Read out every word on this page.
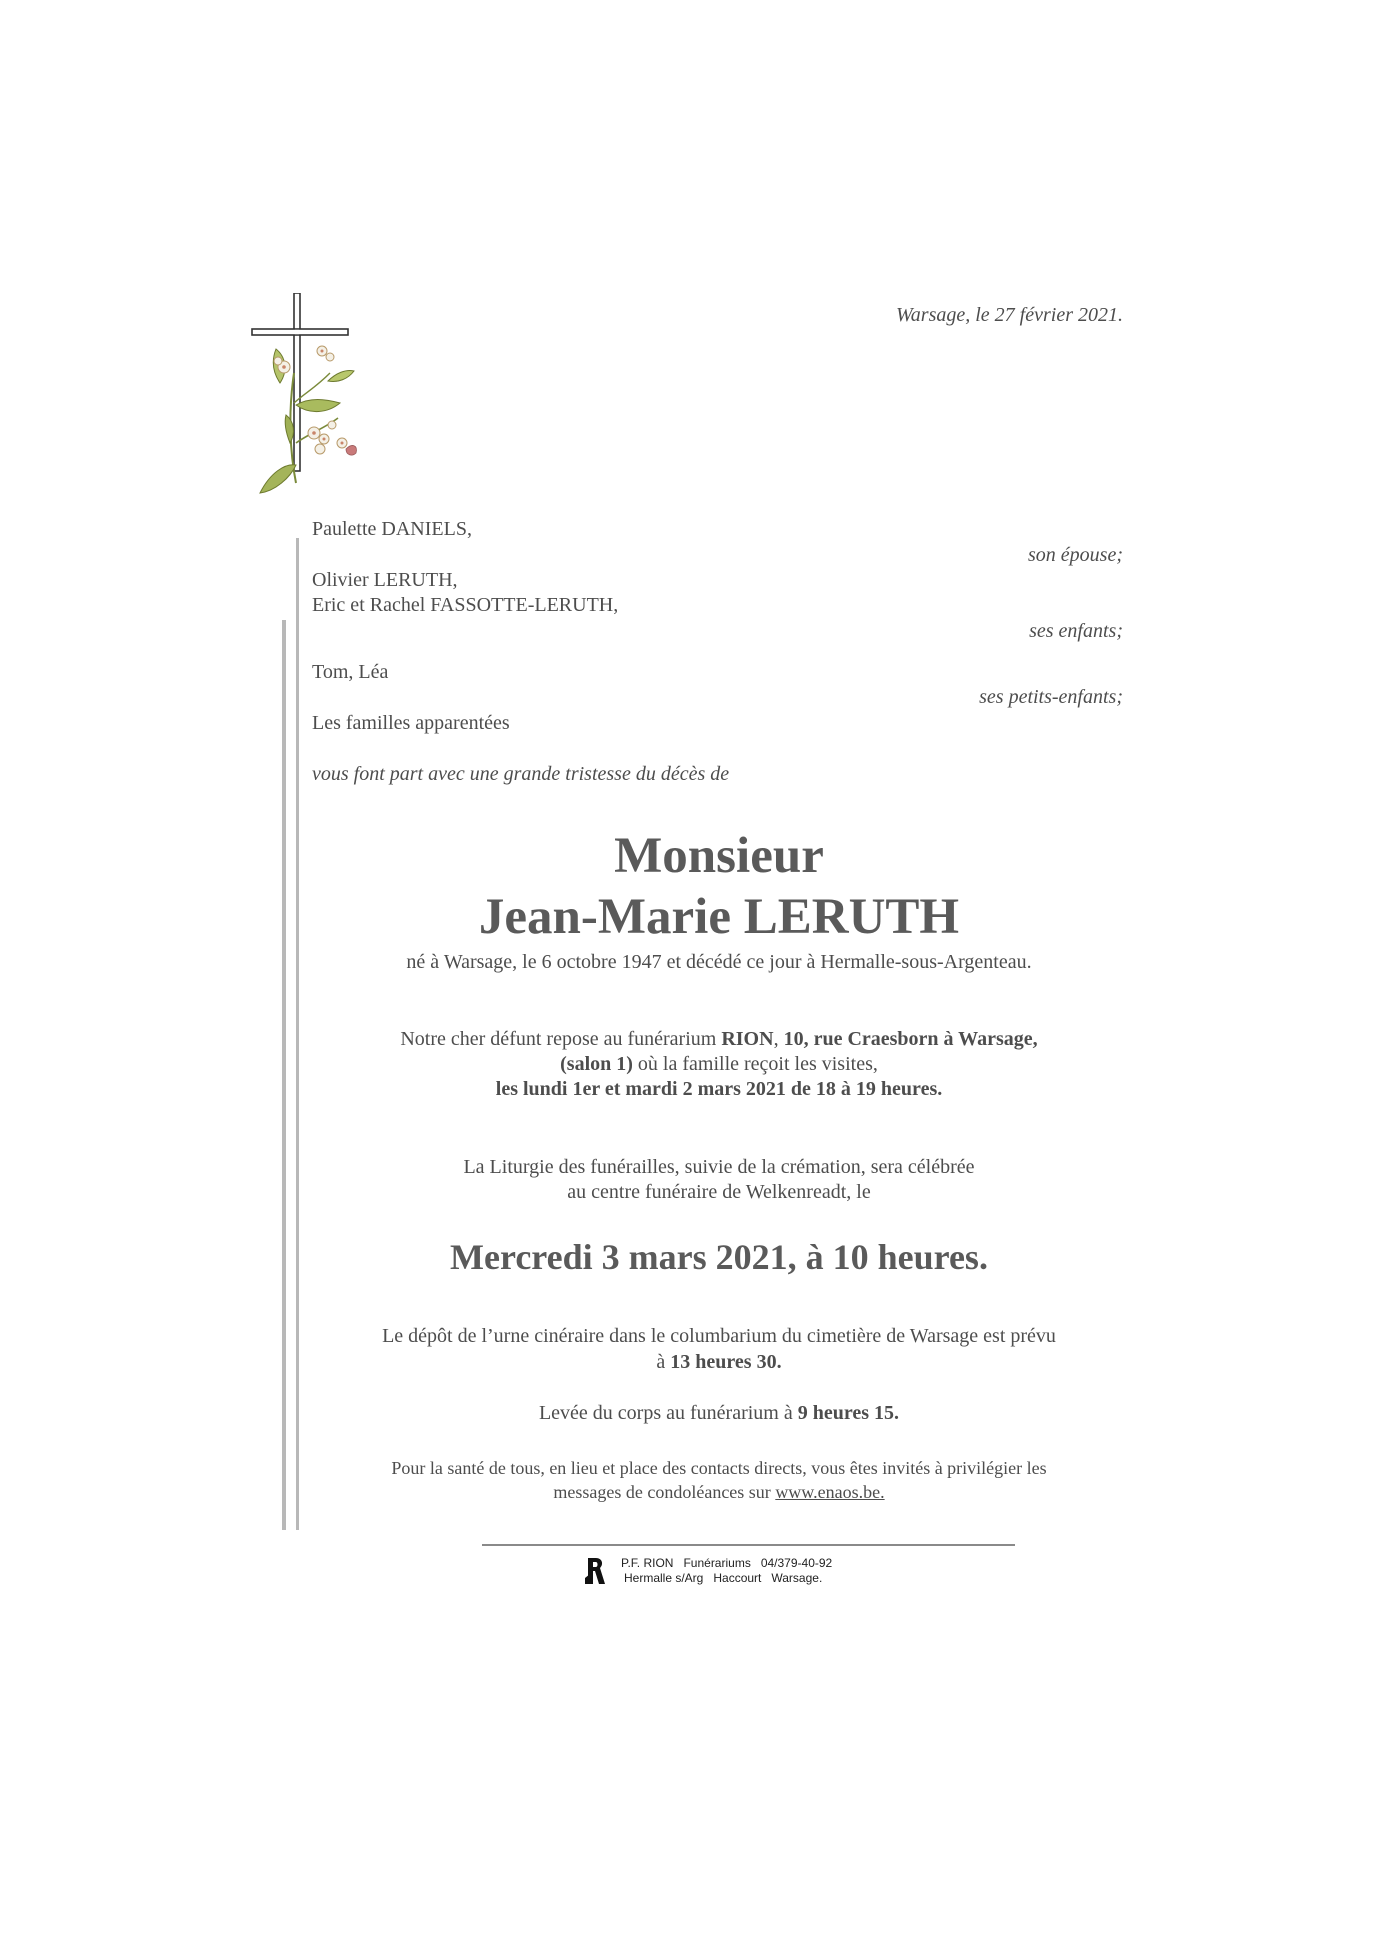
Warsage, le 27 février 2021.
Paulette DANIELS,
son épouse;
Olivier LERUTH,
Eric et Rachel FASSOTTE-LERUTH,
ses enfants;
Tom, Léa
ses petits-enfants;
Les familles apparentées
vous font part avec une grande tristesse du décès de
Monsieur
Jean-Marie LERUTH
né à Warsage, le 6 octobre 1947 et décédé ce jour à Hermalle-sous-Argenteau.
Notre cher défunt repose au funérarium RION, 10, rue Craesborn à Warsage,
(salon 1) où la famille reçoit les visites,
les lundi 1er et mardi 2 mars 2021 de 18 à 19 heures.
La Liturgie des funérailles, suivie de la crémation, sera célébrée
au centre funéraire de Welkenreadt, le
Mercredi 3 mars 2021, à 10 heures.
Le dépôt de l’urne cinéraire dans le columbarium du cimetière de Warsage est prévu
à 13 heures 30.
Levée du corps au funérarium à 9 heures 15.
Pour la santé de tous, en lieu et place des contacts directs, vous êtes invités à privilégier les
messages de condoléances sur www.enaos.be.
P.F. RION   Funérariums   04/379-40-92
Hermalle s/Arg   Haccourt   Warsage.
